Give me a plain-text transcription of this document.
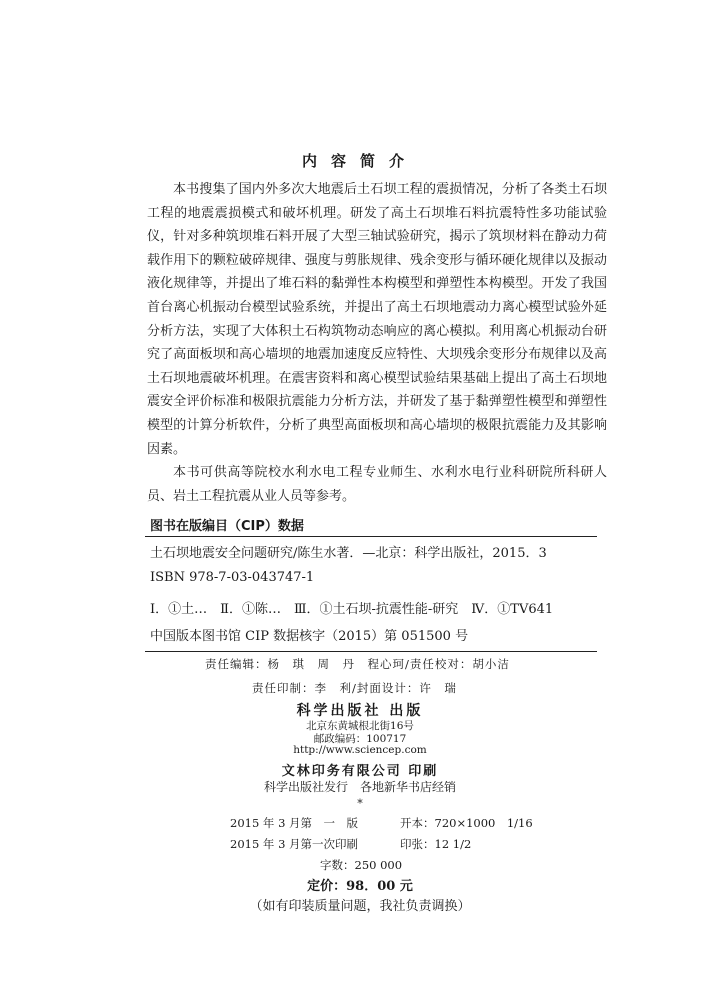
内容简介

本书搜集了国内外多次大地震后土石坝工程的震损情况，分析了各类土石坝工程的地震震损模式和破坏机理。研发了高土石坝堆石料抗震特性多功能试验仪，针对多种筑坝堆石料开展了大型三轴试验研究，揭示了筑坝材料在静动力荷载作用下的颗粒破碎规律、强度与剪胀规律、残余变形与循环硬化规律以及振动液化规律等，并提出了堆石料的黏弹性本构模型和弹塑性本构模型。开发了我国首台离心机振动台模型试验系统，并提出了高土石坝地震动力离心模型试验外延分析方法，实现了大体积土石构筑物动态响应的离心模拟。利用离心机振动台研究了高面板坝和高心墙坝的地震加速度反应特性、大坝残余变形分布规律以及高土石坝地震破坏机理。在震害资料和离心模型试验结果基础上提出了高土石坝地震安全评价标准和极限抗震能力分析方法，并研发了基于黏弹塑性模型和弹塑性模型的计算分析软件，分析了典型高面板坝和高心墙坝的极限抗震能力及其影响因素。

本书可供高等院校水利水电工程专业师生、水利水电行业科研院所科研人员、岩土工程抗震从业人员等参考。

图书在版编目（CIP）数据
土石坝地震安全问题研究/陈生水著．—北京：科学出版社，2015．3
ISBN 978-7-03-043747-1
Ⅰ．①土…　Ⅱ．①陈…　Ⅲ．①土石坝-抗震性能-研究　Ⅳ．①TV641
中国版本图书馆 CIP 数据核字（2015）第 051500 号
责任编辑：杨　琪　周　丹　程心珂/责任校对：胡小洁
责任印制：李　利/封面设计：许　瑞
科学出版社 出版
北京东黄城根北街16号
邮政编码：100717
http://www.sciencep.com
文林印务有限公司 印刷
科学出版社发行　各地新华书店经销
*
2015 年 3 月第　一　版	开本：720×1000　1/16
2015 年 3 月第一次印刷	印张：12 1/2
字数：250 000
定价：98．00 元
（如有印装质量问题，我社负责调换）
